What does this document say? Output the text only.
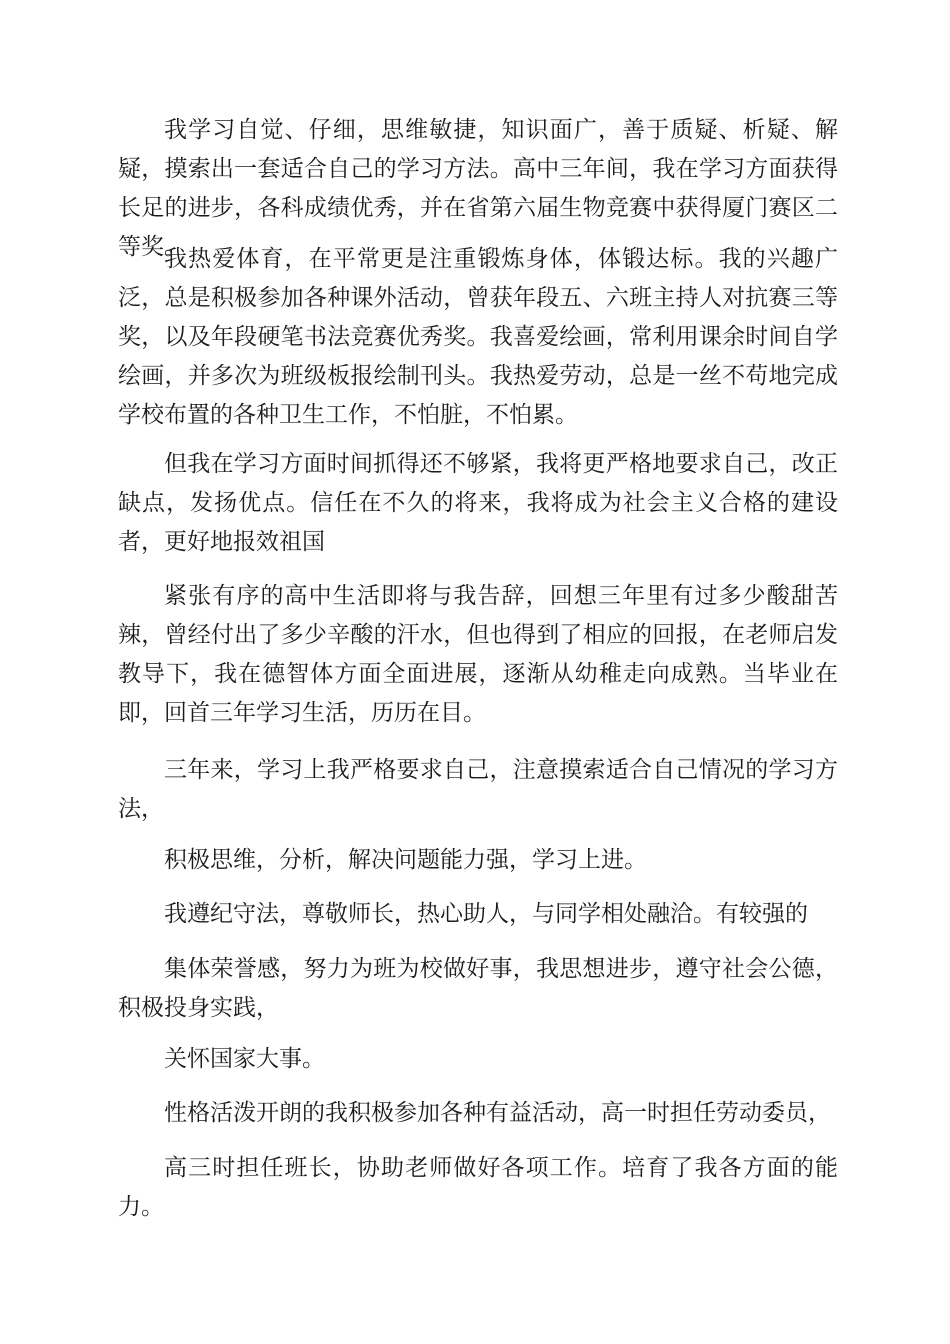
我学习自觉、仔细，思维敏捷，知识面广，善于质疑、析疑、解疑，摸索出一套适合自己的学习方法。高中三年间，我在学习方面获得长足的进步，各科成绩优秀，并在省第六届生物竞赛中获得厦门赛区二等奖。

我热爱体育，在平常更是注重锻炼身体，体锻达标。我的兴趣广泛，总是积极参加各种课外活动，曾获年段五、六班主持人对抗赛三等奖，以及年段硬笔书法竞赛优秀奖。我喜爱绘画，常利用课余时间自学绘画，并多次为班级板报绘制刊头。我热爱劳动，总是一丝不苟地完成学校布置的各种卫生工作，不怕脏，不怕累。

但我在学习方面时间抓得还不够紧，我将更严格地要求自己，改正缺点，发扬优点。信任在不久的将来，我将成为社会主义合格的建设者，更好地报效祖国

紧张有序的高中生活即将与我告辞，回想三年里有过多少酸甜苦辣，曾经付出了多少辛酸的汗水，但也得到了相应的回报，在老师启发教导下，我在德智体方面全面进展，逐渐从幼稚走向成熟。当毕业在即，回首三年学习生活，历历在目。

三年来，学习上我严格要求自己，注意摸索适合自己情况的学习方法，

积极思维，分析，解决问题能力强，学习上进。

我遵纪守法，尊敬师长，热心助人，与同学相处融洽。有较强的

集体荣誉感，努力为班为校做好事，我思想进步，遵守社会公德，积极投身实践，

关怀国家大事。

性格活泼开朗的我积极参加各种有益活动，高一时担任劳动委员，

高三时担任班长，协助老师做好各项工作。培育了我各方面的能力。
